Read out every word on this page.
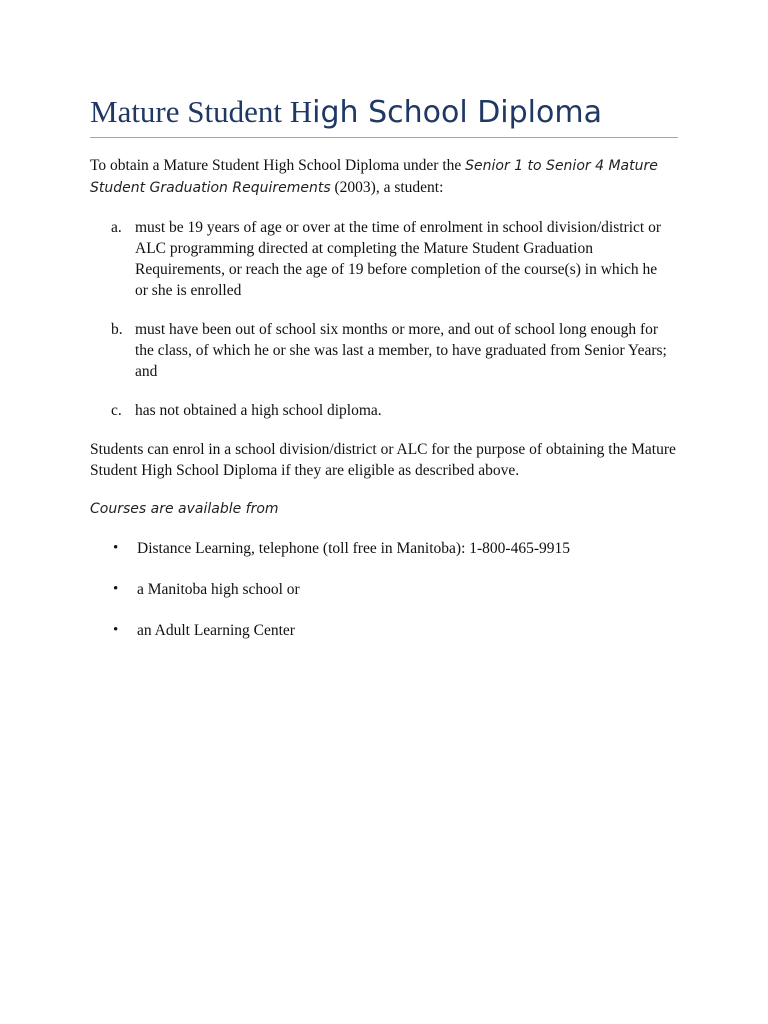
Mature Student High School Diploma

To obtain a Mature Student High School Diploma under the Senior 1 to Senior 4 Mature Student Graduation Requirements (2003), a student:

a. must be 19 years of age or over at the time of enrolment in school division/district or ALC programming directed at completing the Mature Student Graduation Requirements, or reach the age of 19 before completion of the course(s) in which he or she is enrolled
b. must have been out of school six months or more, and out of school long enough for the class, of which he or she was last a member, to have graduated from Senior Years; and
c. has not obtained a high school diploma.

Students can enrol in a school division/district or ALC for the purpose of obtaining the Mature Student High School Diploma if they are eligible as described above.

Courses are available from

•	Distance Learning, telephone (toll free in Manitoba): 1-800-465-9915
•	a Manitoba high school or
•	an Adult Learning Center
